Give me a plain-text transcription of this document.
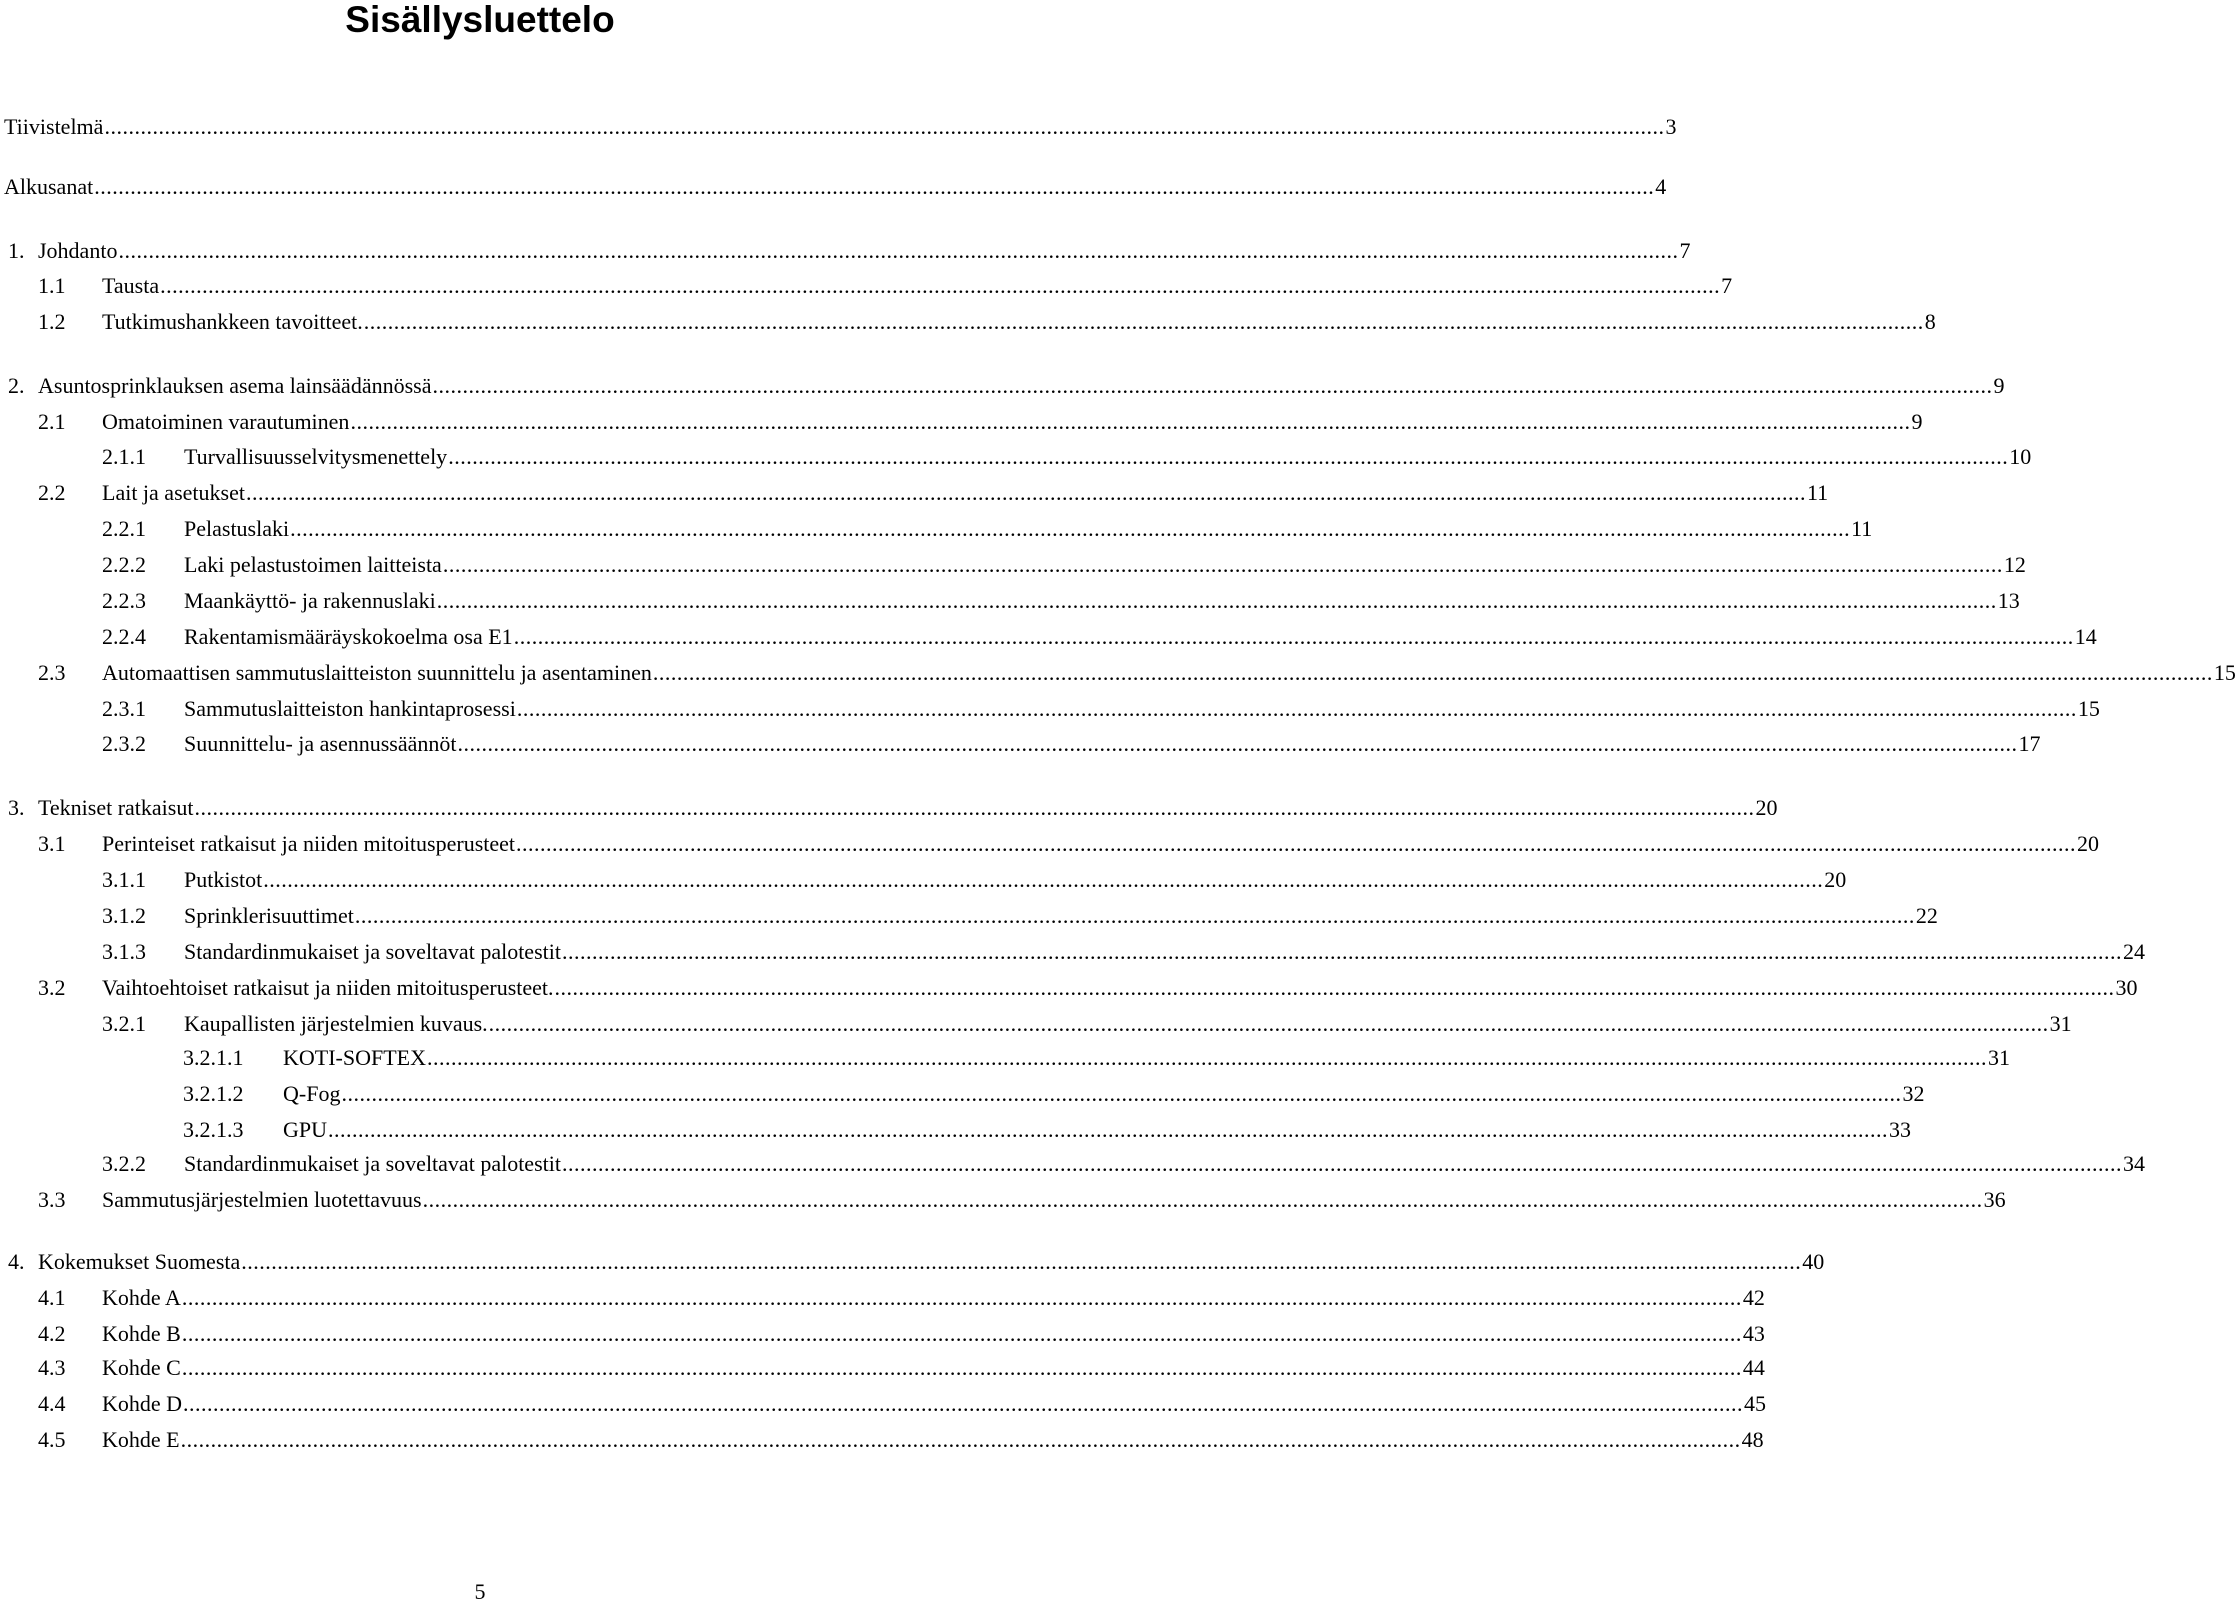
Sisällysluettelo
Tiivistelmä .................................................................................................................................................................................................................................................................... 3
Alkusanat .................................................................................................................................................................................................................................................................... 4
1. Johdanto .................................................................................................................................................................................................................................................................... 7
1.1	Tausta .................................................................................................................................................................................................................................................................... 7
1.2	Tutkimushankkeen tavoitteet. .................................................................................................................................................................................................................................................................... 8
2. Asuntosprinklauksen asema lainsäädännössä .................................................................................................................................................................................................................................................................... 9
2.1	Omatoiminen varautuminen .................................................................................................................................................................................................................................................................... 9
2.1.1	Turvallisuusselvitysmenettely .................................................................................................................................................................................................................................................................... 10
2.2	Lait ja asetukset .................................................................................................................................................................................................................................................................... 11
2.2.1	Pelastuslaki .................................................................................................................................................................................................................................................................... 11
2.2.2	Laki pelastustoimen laitteista .................................................................................................................................................................................................................................................................... 12
2.2.3	Maankäyttö- ja rakennuslaki .................................................................................................................................................................................................................................................................... 13
2.2.4	Rakentamismääräyskokoelma osa E1 .................................................................................................................................................................................................................................................................... 14
2.3	Automaattisen sammutuslaitteiston suunnittelu ja asentaminen .................................................................................................................................................................................................................................................................... 15
2.3.1	Sammutuslaitteiston hankintaprosessi .................................................................................................................................................................................................................................................................... 15
2.3.2	Suunnittelu- ja asennussäännöt .................................................................................................................................................................................................................................................................... 17
3. Tekniset ratkaisut .................................................................................................................................................................................................................................................................... 20
3.1	Perinteiset ratkaisut ja niiden mitoitusperusteet .................................................................................................................................................................................................................................................................... 20
3.1.1	Putkistot .................................................................................................................................................................................................................................................................... 20
3.1.2	Sprinklerisuuttimet .................................................................................................................................................................................................................................................................... 22
3.1.3	Standardinmukaiset ja soveltavat palotestit .................................................................................................................................................................................................................................................................... 24
3.2	Vaihtoehtoiset ratkaisut ja niiden mitoitusperusteet. .................................................................................................................................................................................................................................................................... 30
3.2.1	Kaupallisten järjestelmien kuvaus. .................................................................................................................................................................................................................................................................... 31
3.2.1.1	KOTI-SOFTEX .................................................................................................................................................................................................................................................................... 31
3.2.1.2	Q-Fog .................................................................................................................................................................................................................................................................... 32
3.2.1.3	GPU .................................................................................................................................................................................................................................................................... 33
3.2.2	Standardinmukaiset ja soveltavat palotestit .................................................................................................................................................................................................................................................................... 34
3.3	Sammutusjärjestelmien luotettavuus .................................................................................................................................................................................................................................................................... 36
4. Kokemukset Suomesta .................................................................................................................................................................................................................................................................... 40
4.1	Kohde A .................................................................................................................................................................................................................................................................... 42
4.2	Kohde B .................................................................................................................................................................................................................................................................... 43
4.3	Kohde C .................................................................................................................................................................................................................................................................... 44
4.4	Kohde D .................................................................................................................................................................................................................................................................... 45
4.5	Kohde E .................................................................................................................................................................................................................................................................... 48
5
